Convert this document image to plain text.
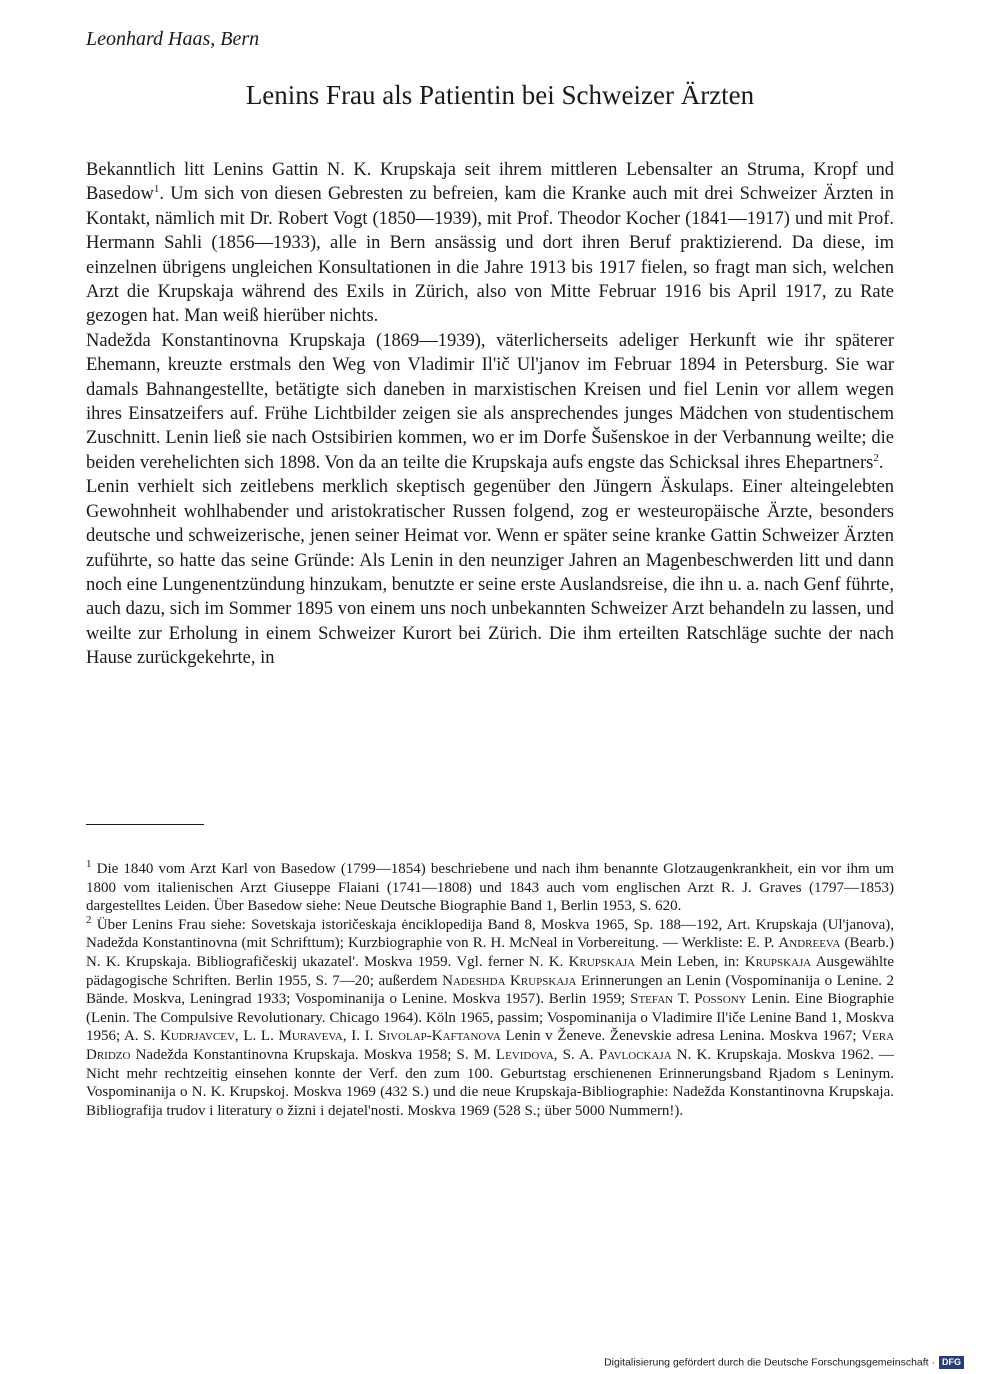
Leonhard Haas, Bern
Lenins Frau als Patientin bei Schweizer Ärzten

Bekanntlich litt Lenins Gattin N. K. Krupskaja seit ihrem mittleren Lebensalter an Struma, Kropf und Basedow$^1$. Um sich von diesen Gebresten zu befreien, kam die Kranke auch mit drei Schweizer Ärzten in Kontakt, nämlich mit Dr. Robert Vogt (1850—1939), mit Prof. Theodor Kocher (1841—1917) und mit Prof. Hermann Sahli (1856—1933), alle in Bern ansässig und dort ihren Beruf praktizierend. Da diese, im einzelnen übrigens ungleichen Konsultationen in die Jahre 1913 bis 1917 fielen, so fragt man sich, welchen Arzt die Krupskaja während des Exils in Zürich, also von Mitte Februar 1916 bis April 1917, zu Rate gezogen hat. Man weiß hierüber nichts.

Nadežda Konstantinovna Krupskaja (1869—1939), väterlicherseits adeliger Herkunft wie ihr späterer Ehemann, kreuzte erstmals den Weg von Vladimir Il'ič Ul'janov im Februar 1894 in Petersburg. Sie war damals Bahnangestellte, betätigte sich daneben in marxistischen Kreisen und fiel Lenin vor allem wegen ihres Einsatzeifers auf. Frühe Lichtbilder zeigen sie als ansprechendes junges Mädchen von studentischem Zuschnitt. Lenin ließ sie nach Ostsibirien kommen, wo er im Dorfe Šušenskoe in der Verbannung weilte; die beiden verehelichten sich 1898. Von da an teilte die Krupskaja aufs engste das Schicksal ihres Ehepartners$^2$.

Lenin verhielt sich zeitlebens merklich skeptisch gegenüber den Jüngern Äskulaps. Einer alteingelebten Gewohnheit wohlhabender und aristokratischer Russen folgend, zog er westeuropäische Ärzte, besonders deutsche und schweizerische, jenen seiner Heimat vor. Wenn er später seine kranke Gattin Schweizer Ärzten zuführte, so hatte das seine Gründe: Als Lenin in den neunziger Jahren an Magenbeschwerden litt und dann noch eine Lungenentzündung hinzukam, benutzte er seine erste Auslandsreise, die ihn u. a. nach Genf führte, auch dazu, sich im Sommer 1895 von einem uns noch unbekannten Schweizer Arzt behandeln zu lassen, und weilte zur Erholung in einem Schweizer Kurort bei Zürich. Die ihm erteilten Ratschläge suchte der nach Hause zurückgekehrte, in

$^1$ Die 1840 vom Arzt Karl von Basedow (1799—1854) beschriebene und nach ihm benannte Glotzaugenkrankheit, ein vor ihm um 1800 vom italienischen Arzt Giuseppe Flaiani (1741—1808) und 1843 auch vom englischen Arzt R. J. Graves (1797—1853) dargestelltes Leiden. Über Basedow siehe: Neue Deutsche Biographie Band 1, Berlin 1953, S. 620.

$^2$ Über Lenins Frau siehe: Sovetskaja istoričeskaja ėnciklopedija Band 8, Moskva 1965, Sp. 188—192, Art. Krupskaja (Ul'janova), Nadežda Konstantinovna (mit Schrifttum); Kurzbiographie von R. H. McNeal in Vorbereitung. — Werkliste: E. P. Andreeva (Bearb.) N. K. Krupskaja. Bibliografičeskij ukazatel'. Moskva 1959. Vgl. ferner N. K. Krupskaja Mein Leben, in: Krupskaja Ausgewählte pädagogische Schriften. Berlin 1955, S. 7—20; außerdem Nadeshda Krupskaja Erinnerungen an Lenin (Vospominanija o Lenine. 2 Bände. Moskva, Leningrad 1933; Vospominanija o Lenine. Moskva 1957). Berlin 1959; Stefan T. Possony Lenin. Eine Biographie (Lenin. The Compulsive Revolutionary. Chicago 1964). Köln 1965, passim; Vospominanija o Vladimire Il'iče Lenine Band 1, Moskva 1956; A. S. Kudrjavcev, L. L. Muraveva, I. I. Sivolap-Kaftanova Lenin v Ženeve. Ženevskie adresa Lenina. Moskva 1967; Vera Dridzo Nadežda Konstantinovna Krupskaja. Moskva 1958; S. M. Levidova, S. A. Pavlockaja N. K. Krupskaja. Moskva 1962. — Nicht mehr rechtzeitig einsehen konnte der Verf. den zum 100. Geburtstag erschienenen Erinnerungsband Rjadom s Leninym. Vospominanija o N. K. Krupskoj. Moskva 1969 (432 S.) und die neue Krupskaja-Bibliographie: Nadežda Konstantinovna Krupskaja. Bibliografija trudov i literatury o žizni i dejatel'nosti. Moskva 1969 (528 S.; über 5000 Nummern!).

Digitalisierung gefördert durch die Deutsche Forschungsgemeinschaft · DFG
